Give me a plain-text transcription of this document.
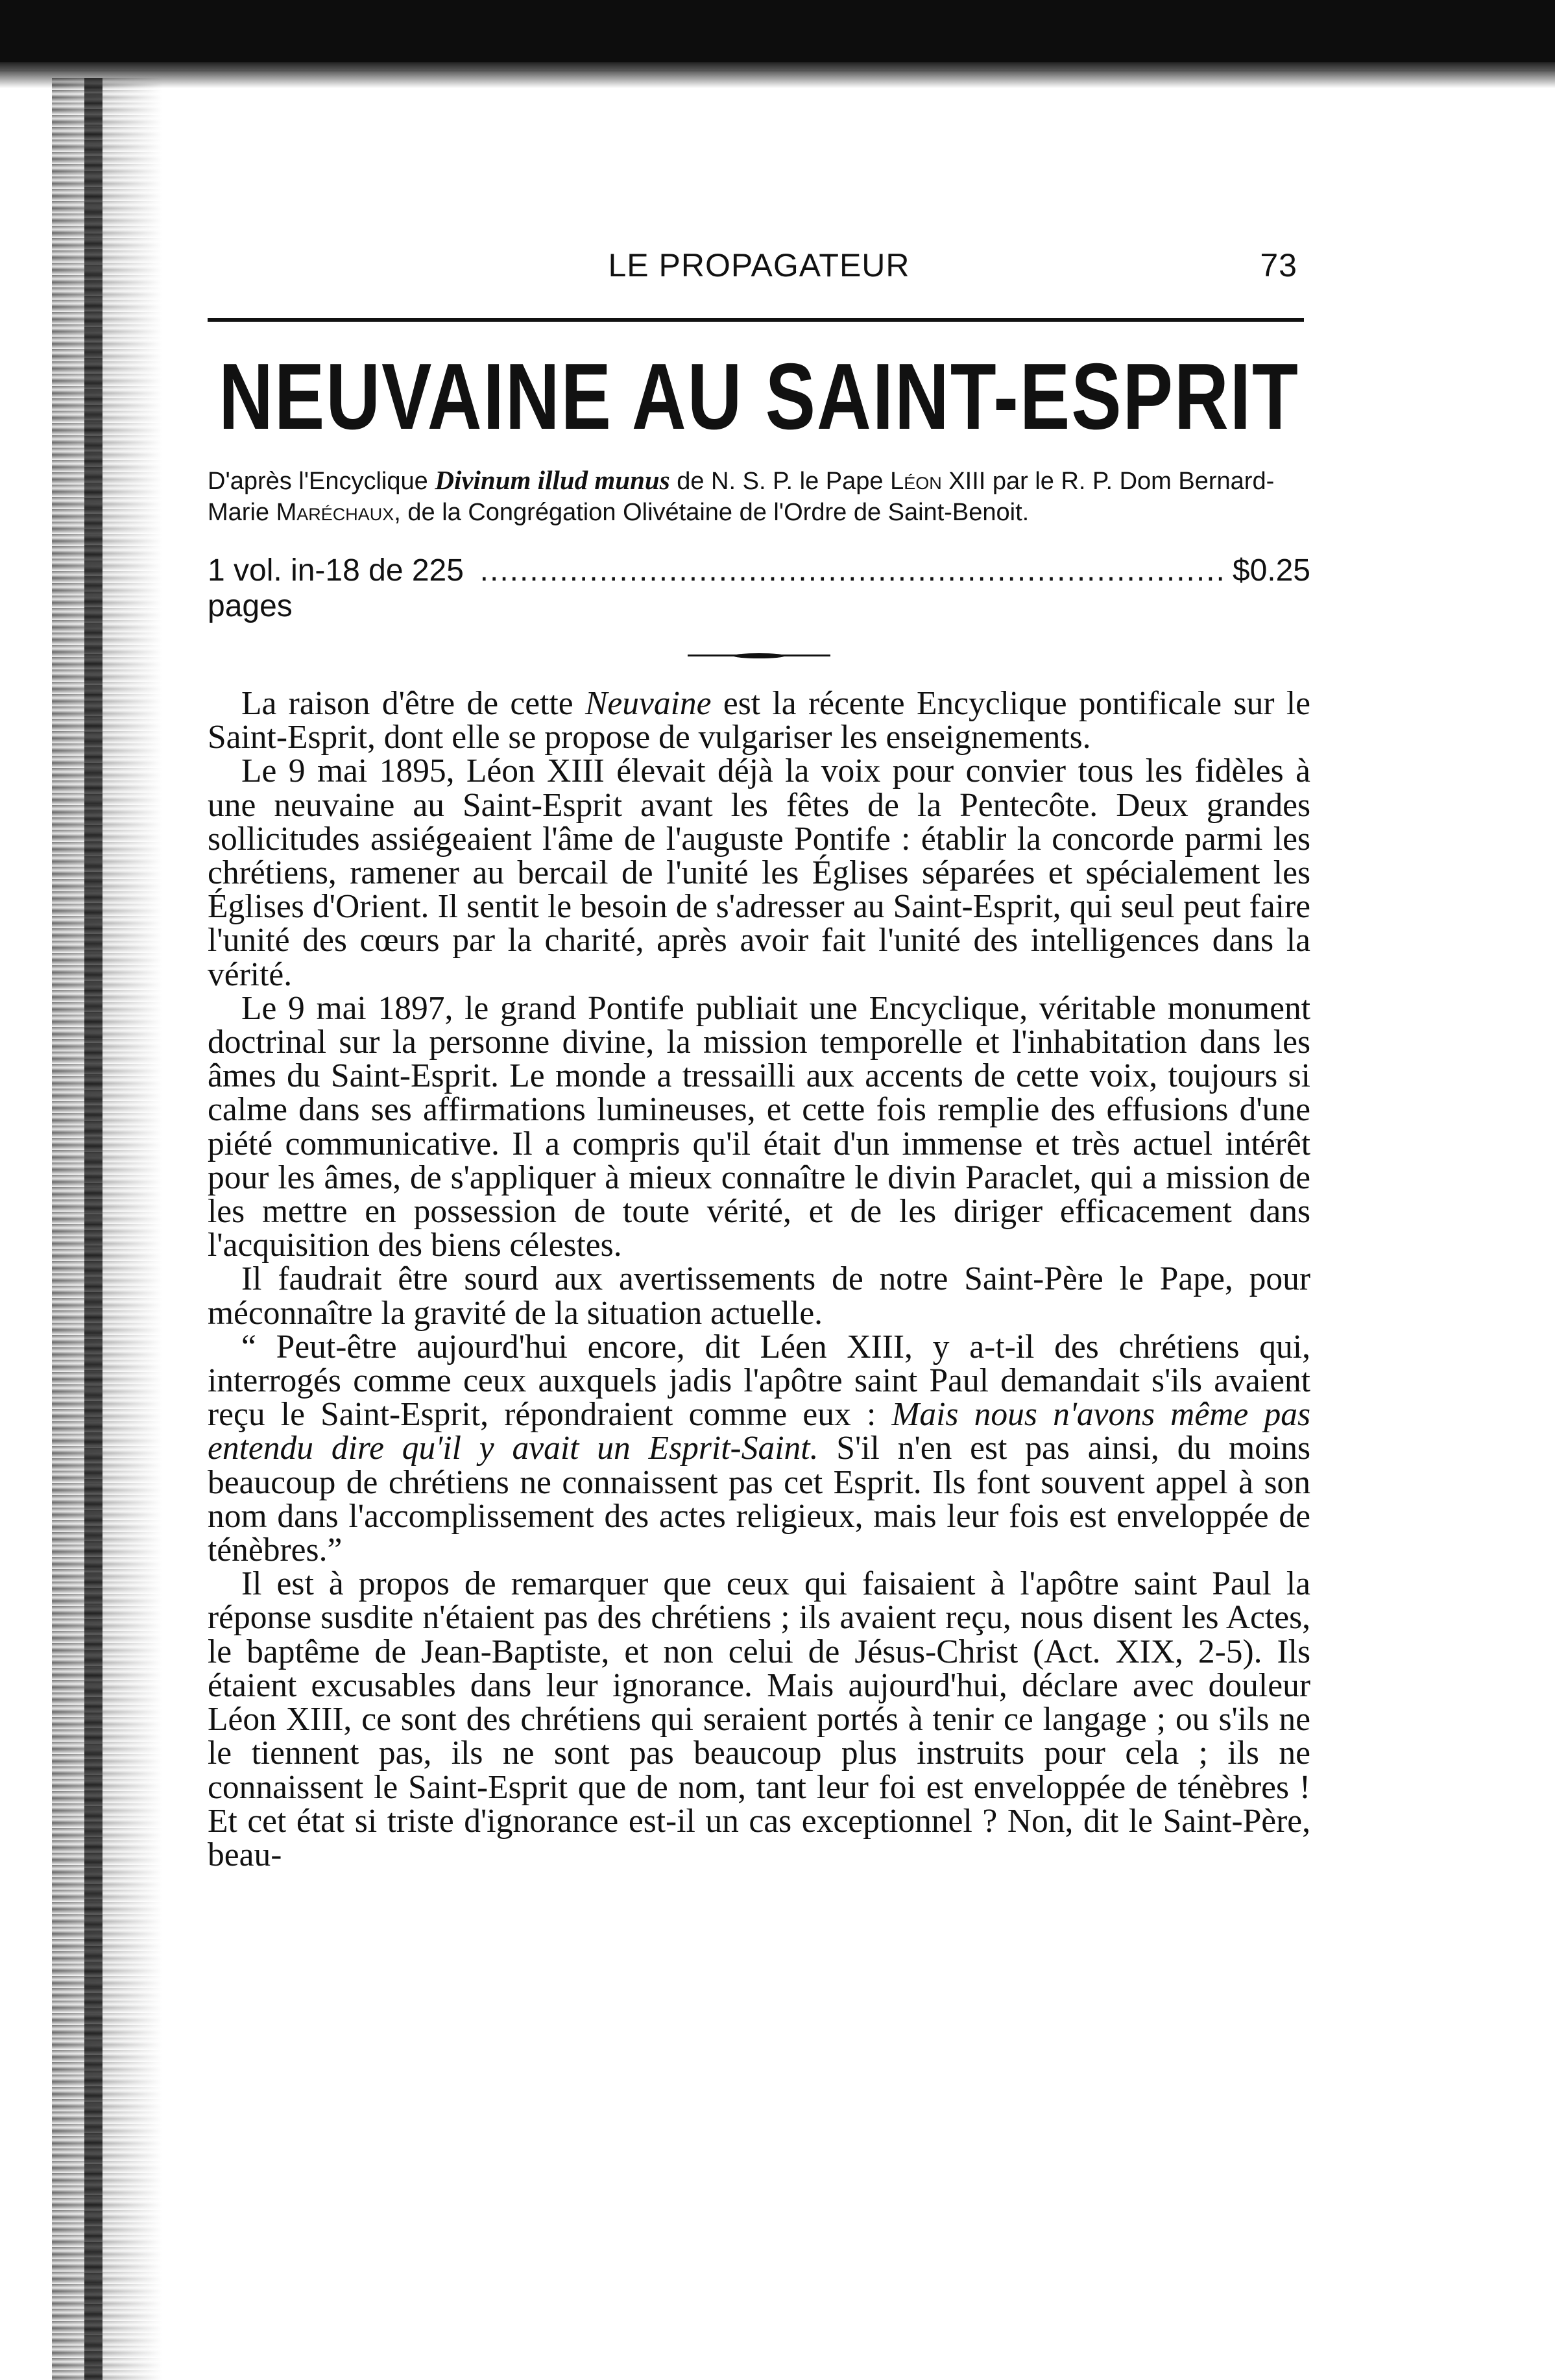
LE PROPAGATEUR	73
NEUVAINE AU SAINT-ESPRIT
D'après l'Encyclique Divinum illud munus de N. S. P. le Pape Léon XIII par le R. P. Dom Bernard-Marie Maréchaux, de la Congrégation Olivétaine de l'Ordre de Saint-Benoit.
1 vol. in-18 de 225 pages
........................................................................... $0.25

La raison d'être de cette Neuvaine est la récente Encyclique pontificale sur le Saint-Esprit, dont elle se propose de vulgariser les enseignements.

Le 9 mai 1895, Léon XIII élevait déjà la voix pour convier tous les fidèles à une neuvaine au Saint-Esprit avant les fêtes de la Pentecôte. Deux grandes sollicitudes assiégeaient l'âme de l'auguste Pontife : établir la concorde parmi les chrétiens, ramener au bercail de l'unité les Églises séparées et spécialement les Églises d'Orient. Il sentit le besoin de s'adresser au Saint-Esprit, qui seul peut faire l'unité des cœurs par la charité, après avoir fait l'unité des intelligences dans la vérité.

Le 9 mai 1897, le grand Pontife publiait une Encyclique, véritable monument doctrinal sur la personne divine, la mission temporelle et l'inhabitation dans les âmes du Saint-Esprit. Le monde a tressailli aux accents de cette voix, toujours si calme dans ses affirmations lumineuses, et cette fois remplie des effusions d'une piété communicative. Il a compris qu'il était d'un immense et très actuel intérêt pour les âmes, de s'appliquer à mieux connaître le divin Paraclet, qui a mission de les mettre en possession de toute vérité, et de les diriger efficacement dans l'acquisition des biens célestes.

Il faudrait être sourd aux avertissements de notre Saint-Père le Pape, pour méconnaître la gravité de la situation actuelle.

“ Peut-être aujourd'hui encore, dit Léen XIII, y a-t-il des chrétiens qui, interrogés comme ceux auxquels jadis l'apôtre saint Paul demandait s'ils avaient reçu le Saint-Esprit, répondraient comme eux : Mais nous n'avons même pas entendu dire qu'il y avait un Esprit-Saint. S'il n'en est pas ainsi, du moins beaucoup de chrétiens ne connaissent pas cet Esprit. Ils font souvent appel à son nom dans l'accomplissement des actes religieux, mais leur fois est enveloppée de ténèbres.”

Il est à propos de remarquer que ceux qui faisaient à l'apôtre saint Paul la réponse susdite n'étaient pas des chrétiens ; ils avaient reçu, nous disent les Actes, le baptême de Jean-Baptiste, et non celui de Jésus-Christ (Act. XIX, 2-5). Ils étaient excusables dans leur ignorance. Mais aujourd'hui, déclare avec douleur Léon XIII, ce sont des chrétiens qui seraient portés à tenir ce langage ; ou s'ils ne le tiennent pas, ils ne sont pas beaucoup plus instruits pour cela ; ils ne connaissent le Saint-Esprit que de nom, tant leur foi est enveloppée de ténèbres ! Et cet état si triste d'ignorance est-il un cas exceptionnel ? Non, dit le Saint-Père, beau-
